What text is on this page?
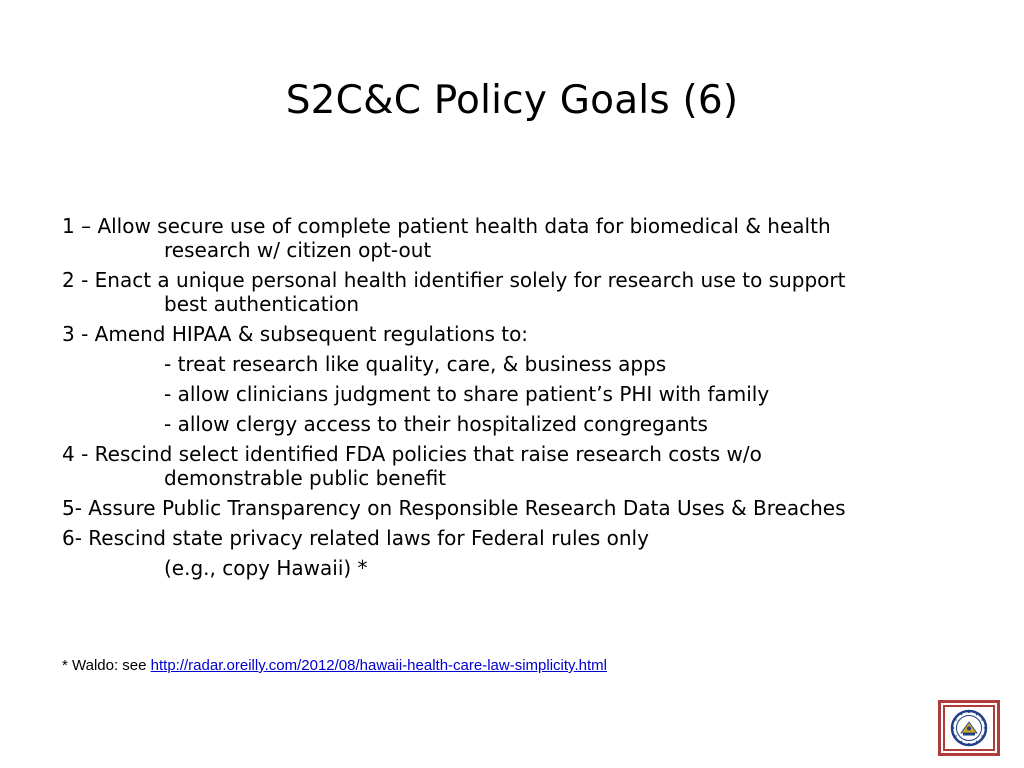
S2C&C Policy Goals (6)
1 – Allow secure use of complete patient health data for biomedical & health
research w/ citizen opt-out
2 - Enact a unique personal health identifier solely for research use to support
best authentication
3 - Amend HIPAA & subsequent regulations to:
- treat research like quality, care, & business apps
- allow clinicians judgment to share patient’s PHI with family
- allow clergy access to their hospitalized congregants
4 - Rescind select identified FDA policies that raise research costs w/o
demonstrable public benefit
5- Assure Public Transparency on Responsible Research Data Uses & Breaches
6- Rescind state privacy related laws for Federal rules only
(e.g., copy Hawaii) *
* Waldo: see http://radar.oreilly.com/2012/08/hawaii-health-care-law-simplicity.html
